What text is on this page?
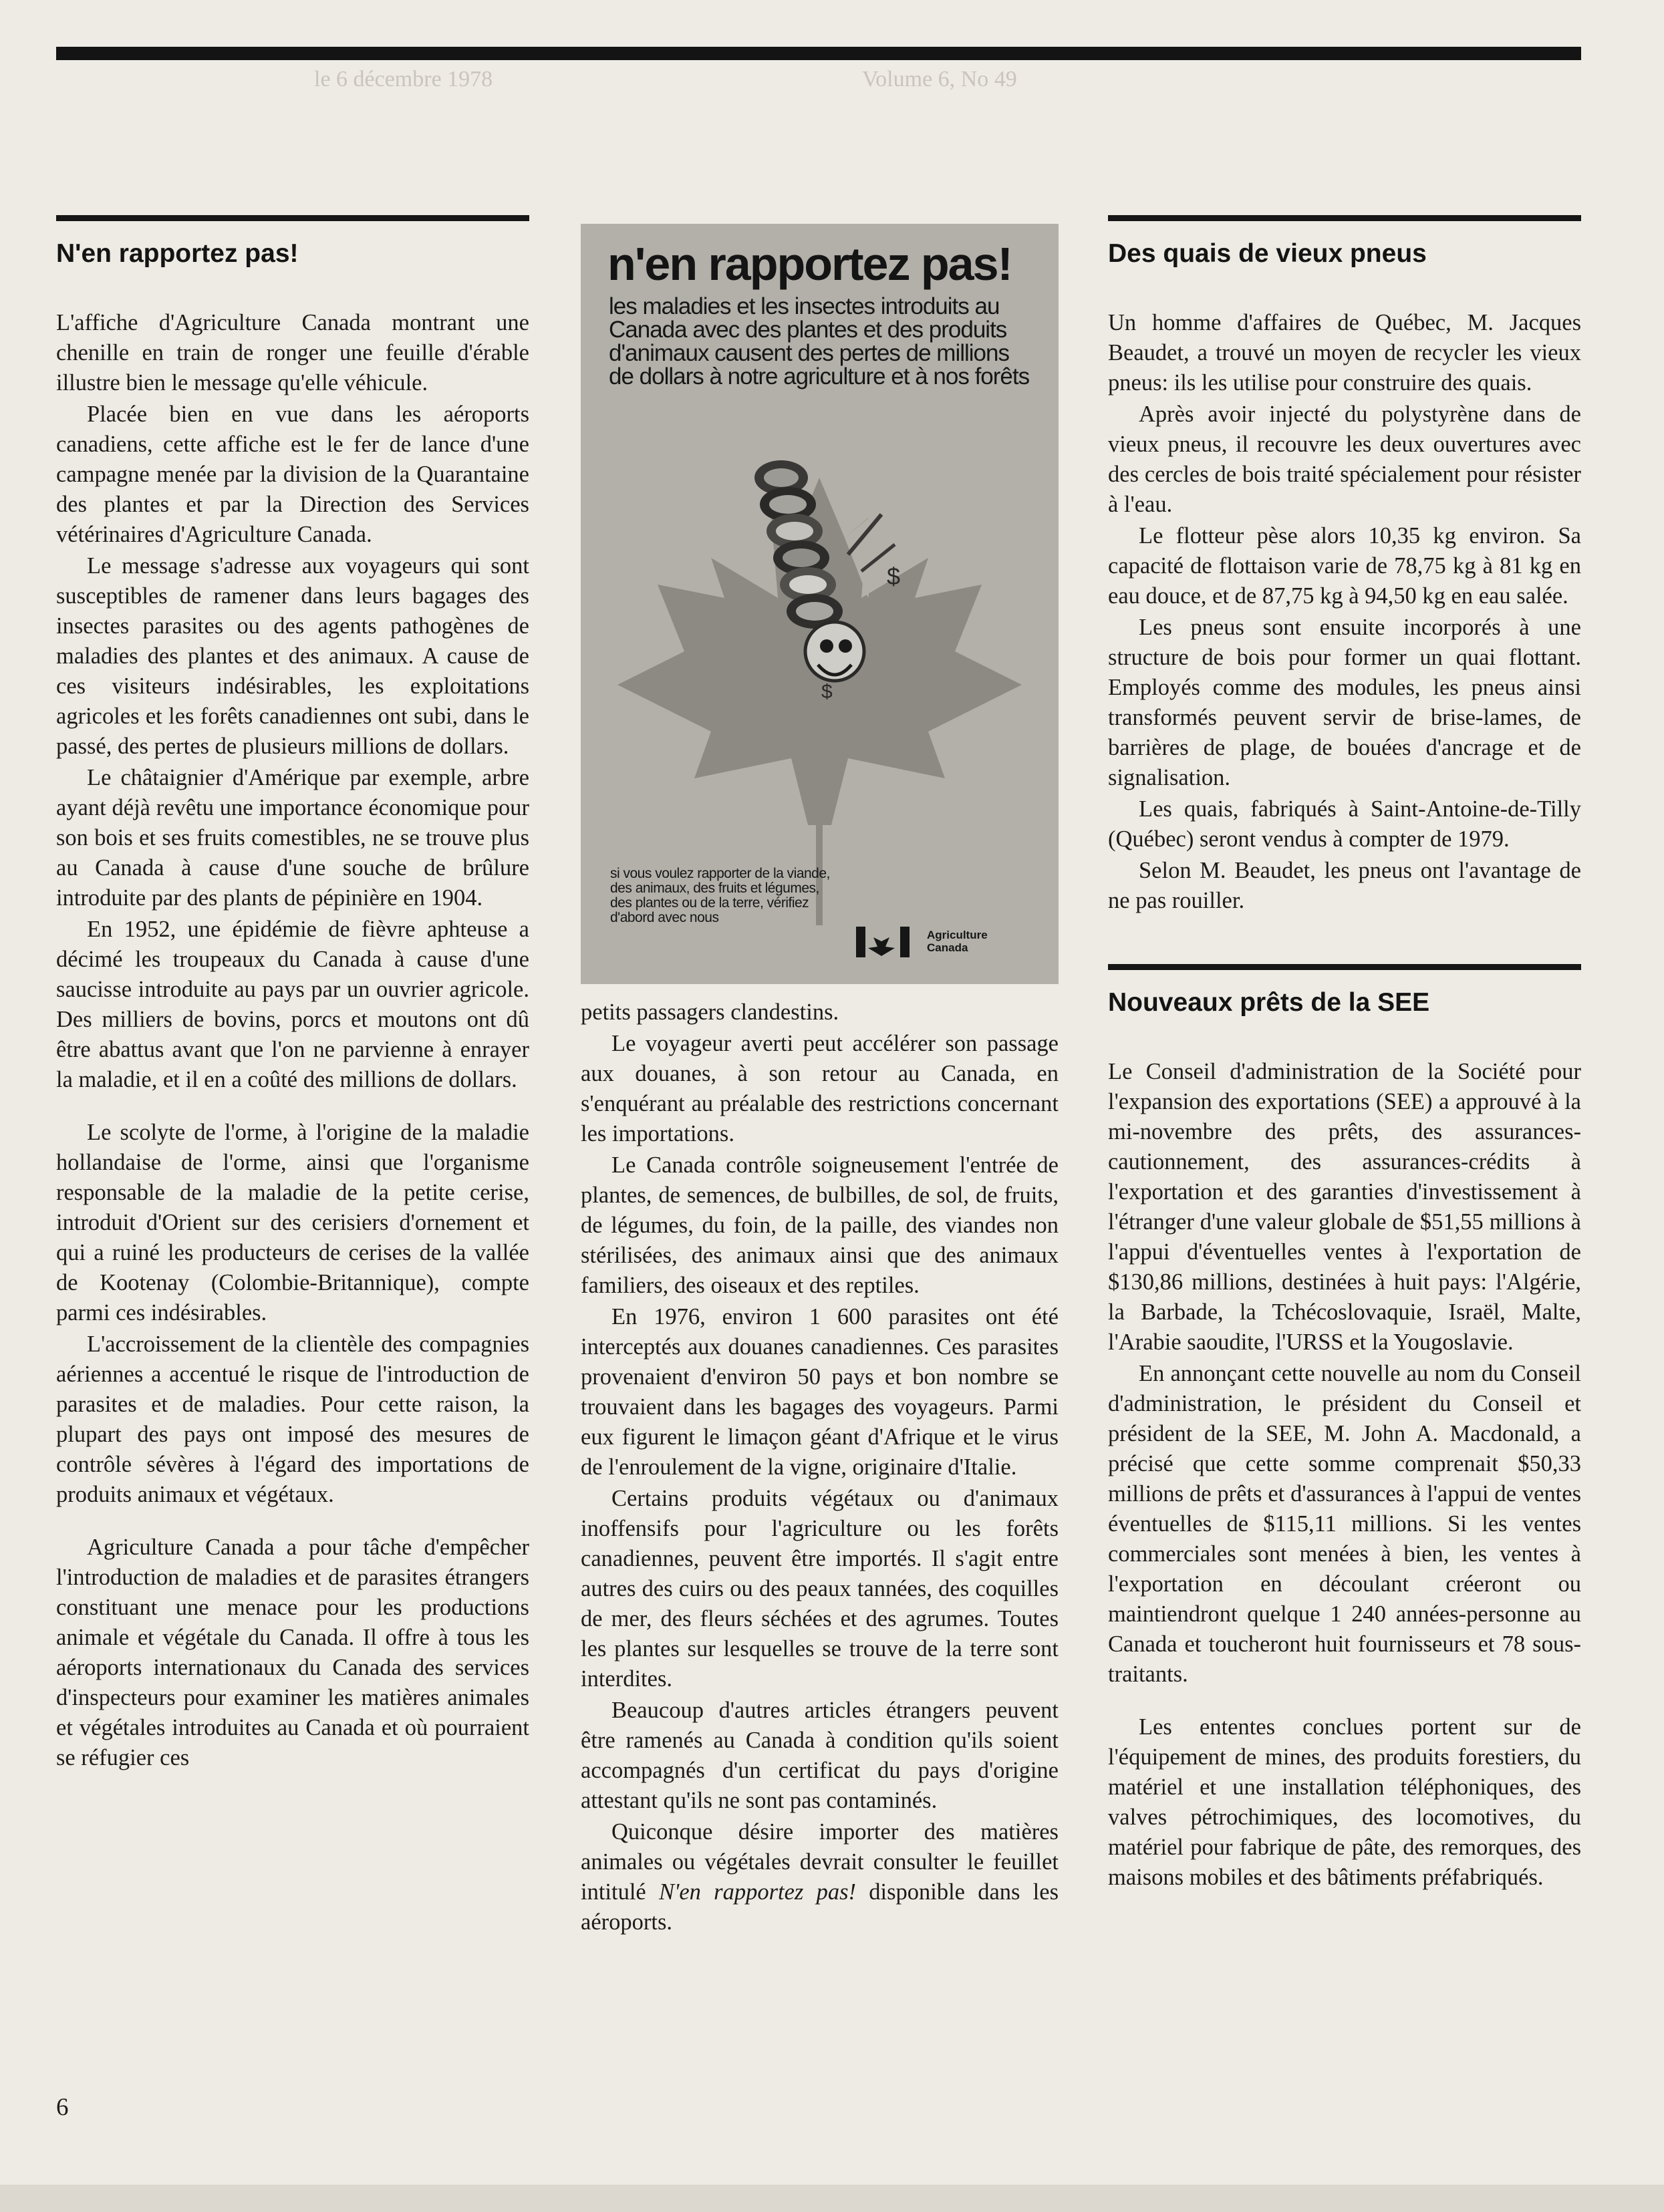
Volume 6, No 49
le 6 décembre 1978
N'en rapportez pas!

L'affiche d'Agriculture Canada montrant une chenille en train de ronger une feuille d'érable illustre bien le message qu'elle véhicule.

Placée bien en vue dans les aéroports canadiens, cette affiche est le fer de lance d'une campagne menée par la division de la Quarantaine des plantes et par la Direction des Services vétérinaires d'Agriculture Canada.

Le message s'adresse aux voyageurs qui sont susceptibles de ramener dans leurs bagages des insectes parasites ou des agents pathogènes de maladies des plantes et des animaux. A cause de ces visiteurs indésirables, les exploitations agricoles et les forêts canadiennes ont subi, dans le passé, des pertes de plusieurs millions de dollars.

Le châtaignier d'Amérique par exemple, arbre ayant déjà revêtu une importance économique pour son bois et ses fruits comestibles, ne se trouve plus au Canada à cause d'une souche de brûlure introduite par des plants de pépinière en 1904.

En 1952, une épidémie de fièvre aphteuse a décimé les troupeaux du Canada à cause d'une saucisse introduite au pays par un ouvrier agricole. Des milliers de bovins, porcs et moutons ont dû être abattus avant que l'on ne parvienne à enrayer la maladie, et il en a coûté des millions de dollars.

Le scolyte de l'orme, à l'origine de la maladie hollandaise de l'orme, ainsi que l'organisme responsable de la maladie de la petite cerise, introduit d'Orient sur des cerisiers d'ornement et qui a ruiné les producteurs de cerises de la vallée de Kootenay (Colombie-Britannique), compte parmi ces indésirables.

L'accroissement de la clientèle des compagnies aériennes a accentué le risque de l'introduction de parasites et de maladies. Pour cette raison, la plupart des pays ont imposé des mesures de contrôle sévères à l'égard des importations de produits animaux et végétaux.

Agriculture Canada a pour tâche d'empêcher l'introduction de maladies et de parasites étrangers constituant une menace pour les productions animale et végétale du Canada. Il offre à tous les aéroports internationaux du Canada des services d'inspecteurs pour examiner les matières animales et végétales introduites au Canada et où pourraient se réfugier ces

$
$
n'en rapportez pas!
les maladies et les insectes introduits au Canada avec des plantes et des produits d'animaux causent des pertes de millions de dollars à notre agriculture et à nos forêts
si vous voulez rapporter de la viande, des animaux, des fruits et légumes, des plantes ou de la terre, vérifiez d'abord avec nous
Agriculture Canada

petits passagers clandestins.

Le voyageur averti peut accélérer son passage aux douanes, à son retour au Canada, en s'enquérant au préalable des restrictions concernant les importations.

Le Canada contrôle soigneusement l'entrée de plantes, de semences, de bulbilles, de sol, de fruits, de légumes, du foin, de la paille, des viandes non stérilisées, des animaux ainsi que des animaux familiers, des oiseaux et des reptiles.

En 1976, environ 1 600 parasites ont été interceptés aux douanes canadiennes. Ces parasites provenaient d'environ 50 pays et bon nombre se trouvaient dans les bagages des voyageurs. Parmi eux figurent le limaçon géant d'Afrique et le virus de l'enroulement de la vigne, originaire d'Italie.

Certains produits végétaux ou d'animaux inoffensifs pour l'agriculture ou les forêts canadiennes, peuvent être importés. Il s'agit entre autres des cuirs ou des peaux tannées, des coquilles de mer, des fleurs séchées et des agrumes. Toutes les plantes sur lesquelles se trouve de la terre sont interdites.

Beaucoup d'autres articles étrangers peuvent être ramenés au Canada à condition qu'ils soient accompagnés d'un certificat du pays d'origine attestant qu'ils ne sont pas contaminés.

Quiconque désire importer des matières animales ou végétales devrait consulter le feuillet intitulé N'en rapportez pas! disponible dans les aéroports.

Des quais de vieux pneus

Un homme d'affaires de Québec, M. Jacques Beaudet, a trouvé un moyen de recycler les vieux pneus: ils les utilise pour construire des quais.

Après avoir injecté du polystyrène dans de vieux pneus, il recouvre les deux ouvertures avec des cercles de bois traité spécialement pour résister à l'eau.

Le flotteur pèse alors 10,35 kg environ. Sa capacité de flottaison varie de 78,75 kg à 81 kg en eau douce, et de 87,75 kg à 94,50 kg en eau salée.

Les pneus sont ensuite incorporés à une structure de bois pour former un quai flottant. Employés comme des modules, les pneus ainsi transformés peuvent servir de brise-lames, de barrières de plage, de bouées d'ancrage et de signalisation.

Les quais, fabriqués à Saint-Antoine-de-Tilly (Québec) seront vendus à compter de 1979.

Selon M. Beaudet, les pneus ont l'avantage de ne pas rouiller.

Nouveaux prêts de la SEE

Le Conseil d'administration de la Société pour l'expansion des exportations (SEE) a approuvé à la mi-novembre des prêts, des assurances-cautionnement, des assurances-crédits à l'exportation et des garanties d'investissement à l'étranger d'une valeur globale de $51,55 millions à l'appui d'éventuelles ventes à l'exportation de $130,86 millions, destinées à huit pays: l'Algérie, la Barbade, la Tchécoslovaquie, Israël, Malte, l'Arabie saoudite, l'URSS et la Yougoslavie.

En annonçant cette nouvelle au nom du Conseil d'administration, le président du Conseil et président de la SEE, M. John A. Macdonald, a précisé que cette somme comprenait $50,33 millions de prêts et d'assurances à l'appui de ventes éventuelles de $115,11 millions. Si les ventes commerciales sont menées à bien, les ventes à l'exportation en découlant créeront ou maintiendront quelque 1 240 années-personne au Canada et toucheront huit fournisseurs et 78 sous-traitants.

Les ententes conclues portent sur de l'équipement de mines, des produits forestiers, du matériel et une installation téléphoniques, des valves pétrochimiques, des locomotives, du matériel pour fabrique de pâte, des remorques, des maisons mobiles et des bâtiments préfabriqués.

6
